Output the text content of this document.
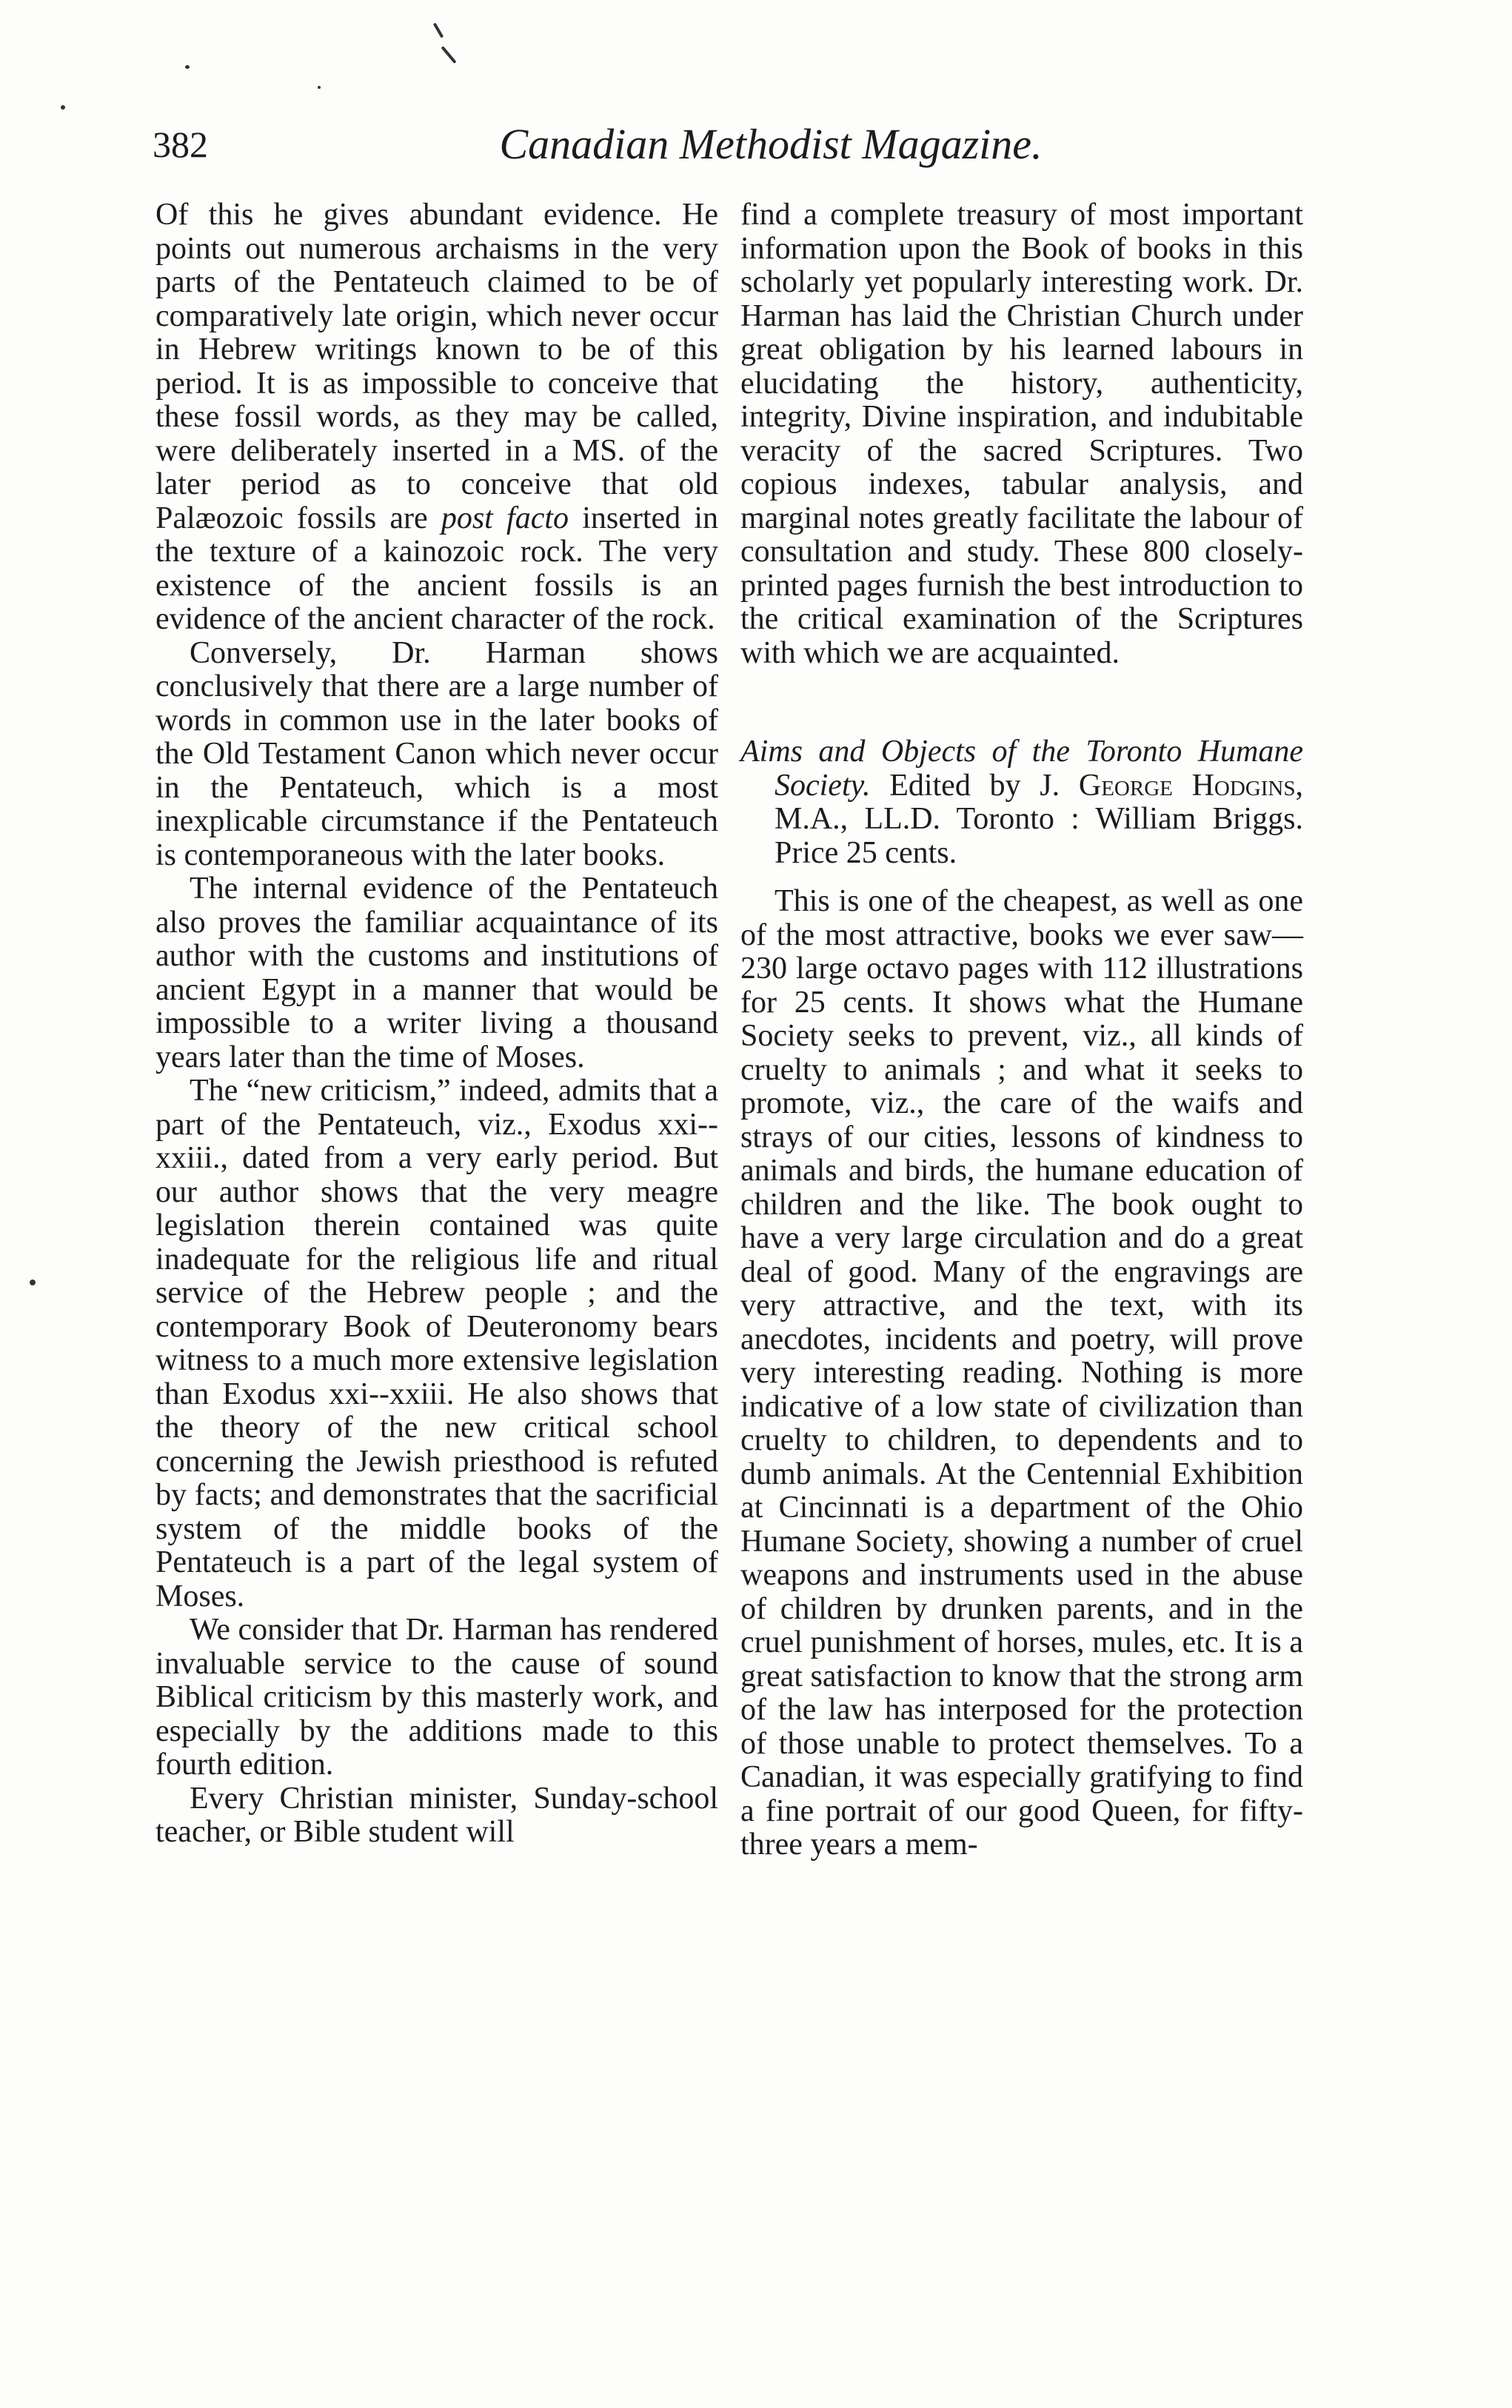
382	Canadian Methodist Magazine.

Of this he gives abundant evidence. He points out numerous archaisms in the very parts of the Pentateuch claimed to be of comparatively late origin, which never occur in Hebrew writings known to be of this period. It is as impossible to conceive that these fossil words, as they may be called, were deliberately inserted in a MS. of the later period as to conceive that old Palæozoic fossils are post facto inserted in the texture of a kainozoic rock. The very existence of the ancient fossils is an evidence of the ancient character of the rock.

Conversely, Dr. Harman shows conclusively that there are a large number of words in common use in the later books of the Old Testament Canon which never occur in the Pentateuch, which is a most inexplicable circumstance if the Pentateuch is contemporaneous with the later books.

The internal evidence of the Pentateuch also proves the familiar acquaintance of its author with the customs and institutions of ancient Egypt in a manner that would be impossible to a writer living a thousand years later than the time of Moses.

The “new criticism,” indeed, admits that a part of the Pentateuch, viz., Exodus xxi--xxiii., dated from a very early period. But our author shows that the very meagre legislation therein contained was quite inadequate for the religious life and ritual service of the Hebrew people ; and the contemporary Book of Deuteronomy bears witness to a much more extensive legislation than Exodus xxi--xxiii. He also shows that the theory of the new critical school concerning the Jewish priesthood is refuted by facts; and demonstrates that the sacrificial system of the middle books of the Pentateuch is a part of the legal system of Moses.

We consider that Dr. Harman has rendered invaluable service to the cause of sound Biblical criticism by this masterly work, and especially by the additions made to this fourth edition.

Every Christian minister, Sunday-school teacher, or Bible student will

find a complete treasury of most important information upon the Book of books in this scholarly yet popularly interesting work. Dr. Harman has laid the Christian Church under great obligation by his learned labours in elucidating the history, authenticity, integrity, Divine inspiration, and indubitable veracity of the sacred Scriptures. Two copious indexes, tabular analysis, and marginal notes greatly facilitate the labour of consultation and study. These 800 closely-printed pages furnish the best introduction to the critical examination of the Scriptures with which we are acquainted.

Aims and Objects of the Toronto Humane Society. Edited by J. George Hodgins, M.A., LL.D. Toronto : William Briggs. Price 25 cents.

This is one of the cheapest, as well as one of the most attractive, books we ever saw—230 large octavo pages with 112 illustrations for 25 cents. It shows what the Humane Society seeks to prevent, viz., all kinds of cruelty to animals ; and what it seeks to promote, viz., the care of the waifs and strays of our cities, lessons of kindness to animals and birds, the humane education of children and the like. The book ought to have a very large circulation and do a great deal of good. Many of the engravings are very attractive, and the text, with its anecdotes, incidents and poetry, will prove very interesting reading. Nothing is more indicative of a low state of civilization than cruelty to children, to dependents and to dumb animals. At the Centennial Exhibition at Cincinnati is a department of the Ohio Humane Society, showing a number of cruel weapons and instruments used in the abuse of children by drunken parents, and in the cruel punishment of horses, mules, etc. It is a great satisfaction to know that the strong arm of the law has interposed for the protection of those unable to protect themselves. To a Canadian, it was especially gratifying to find a fine portrait of our good Queen, for fifty-three years a mem-
